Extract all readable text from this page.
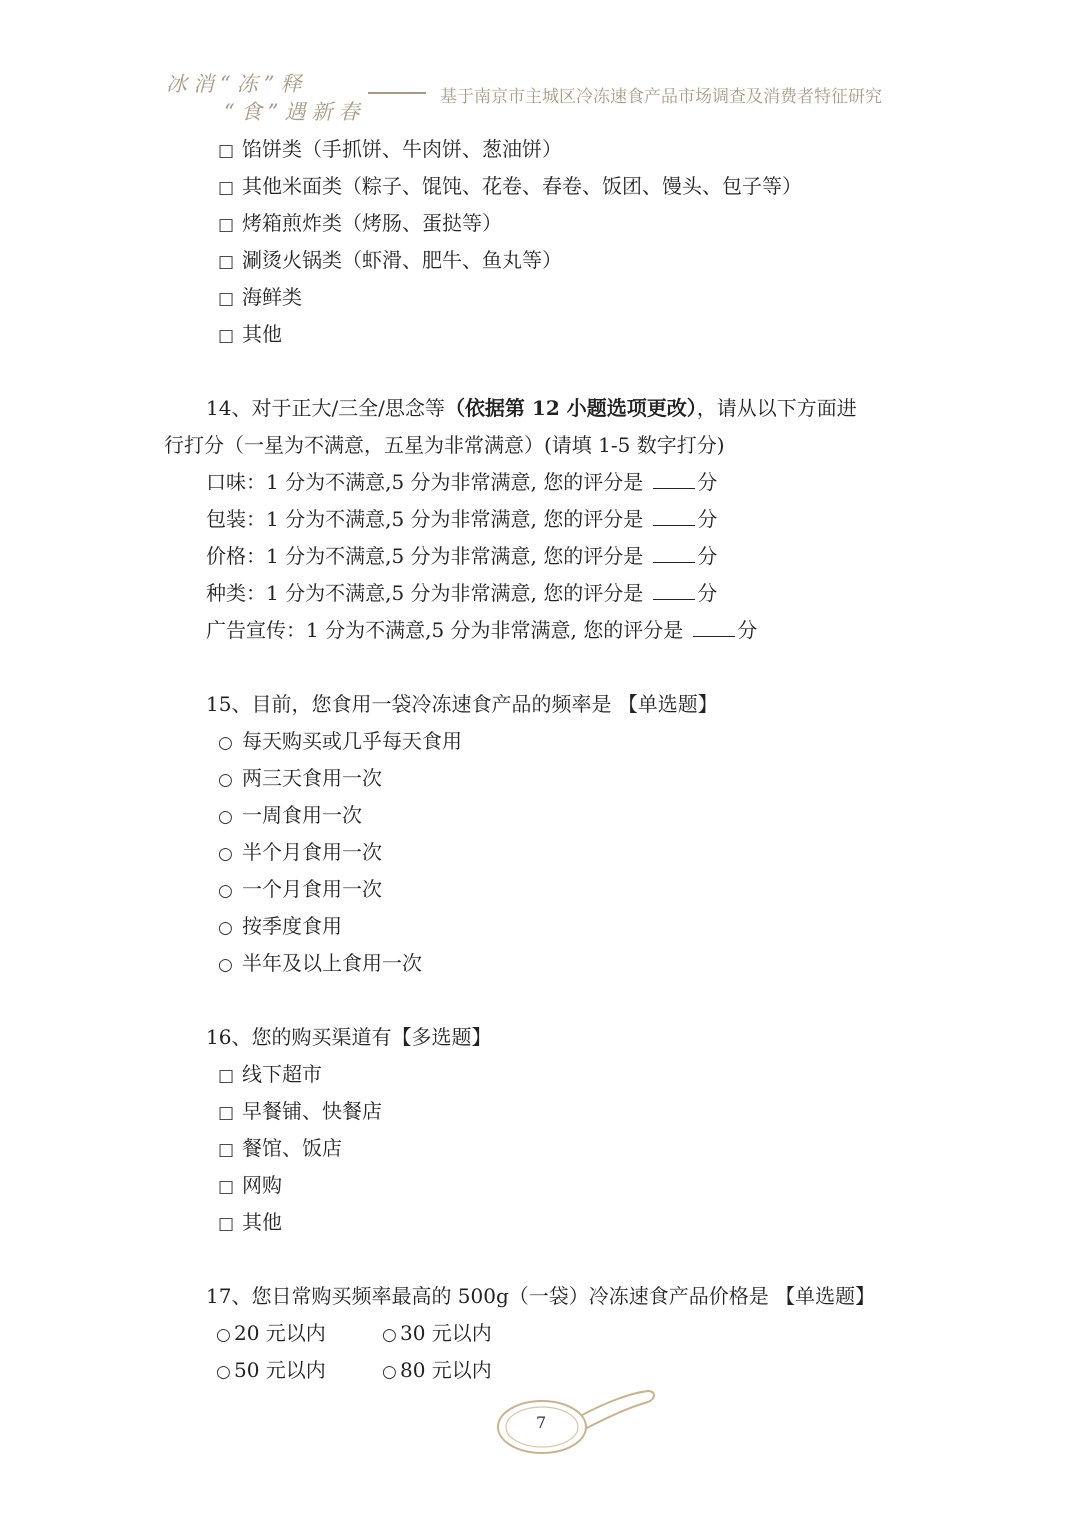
冰消“冻”释
“食”遇新春
基于南京市主城区冷冻速食产品市场调查及消费者特征研究
□ 馅饼类（手抓饼、牛肉饼、葱油饼）
□ 其他米面类（粽子、馄饨、花卷、春卷、饭团、馒头、包子等）
□ 烤箱煎炸类（烤肠、蛋挞等）
□ 涮烫火锅类（虾滑、肥牛、鱼丸等）
□ 海鲜类
□ 其他
14、对于正大/三全/思念等（依据第 12 小题选项更改），请从以下方面进
行打分（一星为不满意，五星为非常满意）(请填 1-5 数字打分)
口味：1 分为不满意,5 分为非常满意, 您的评分是	分
包装：1 分为不满意,5 分为非常满意, 您的评分是	分
价格：1 分为不满意,5 分为非常满意, 您的评分是	分
种类：1 分为不满意,5 分为非常满意, 您的评分是	分
广告宣传：1 分为不满意,5 分为非常满意, 您的评分是	分
15、目前，您食用一袋冷冻速食产品的频率是 【单选题】
○ 每天购买或几乎每天食用
○ 两三天食用一次
○ 一周食用一次
○ 半个月食用一次
○ 一个月食用一次
○ 按季度食用
○ 半年及以上食用一次
16、您的购买渠道有【多选题】
□ 线下超市
□ 早餐铺、快餐店
□ 餐馆、饭店
□ 网购
□ 其他
17、您日常购买频率最高的 500g（一袋）冷冻速食产品价格是 【单选题】
○ 20 元以内	○ 30 元以内
○ 50 元以内	○ 80 元以内
7
